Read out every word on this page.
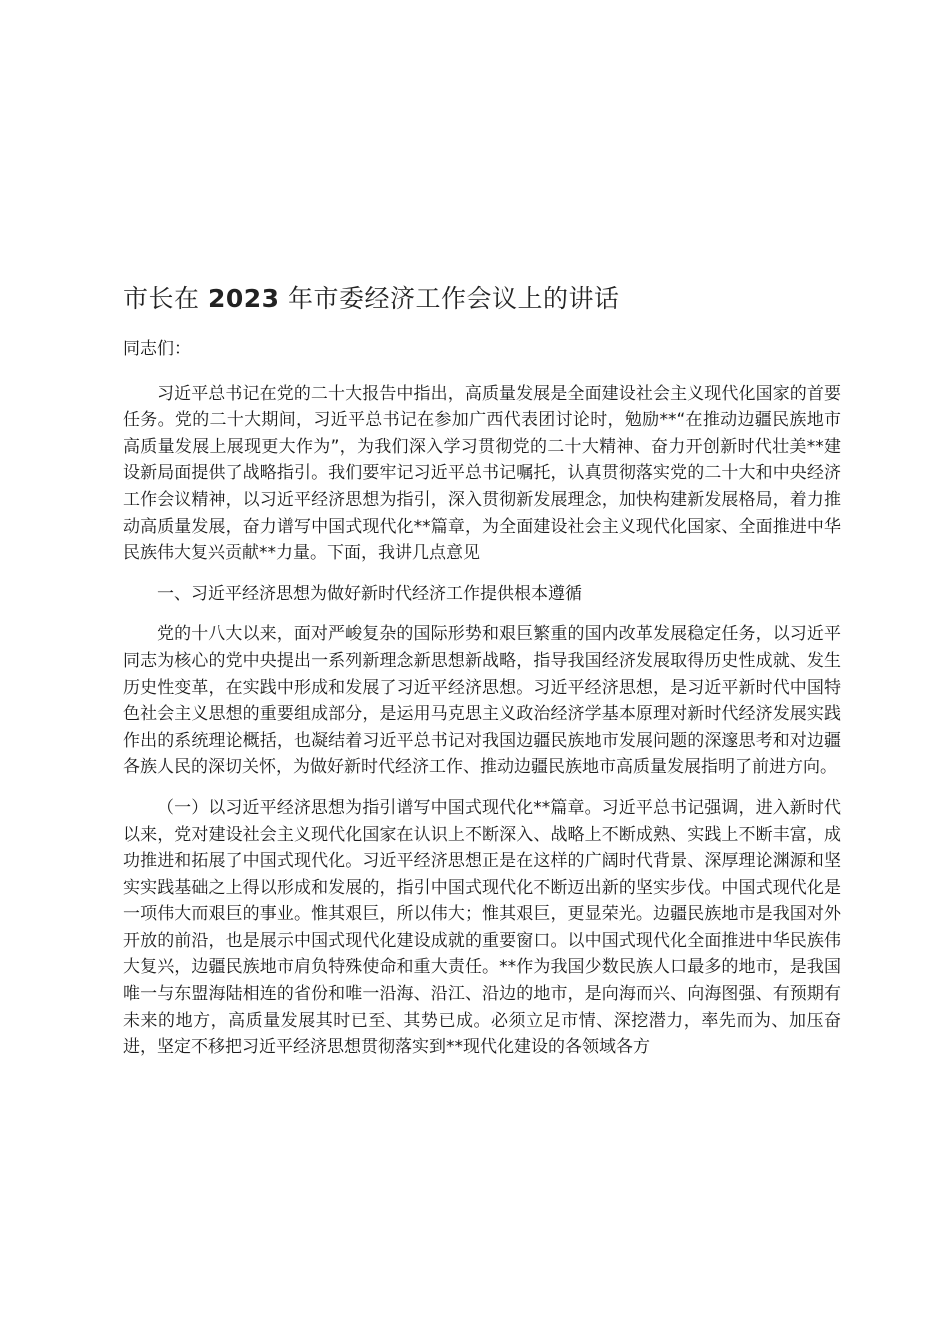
市长在 2023 年市委经济工作会议上的讲话

同志们：

习近平总书记在党的二十大报告中指出，高质量发展是全面建设社会主义现代化国家的首要任务。党的二十大期间，习近平总书记在参加广西代表团讨论时，勉励**“在推动边疆民族地市高质量发展上展现更大作为”，为我们深入学习贯彻党的二十大精神、奋力开创新时代壮美**建设新局面提供了战略指引。我们要牢记习近平总书记嘱托，认真贯彻落实党的二十大和中央经济工作会议精神，以习近平经济思想为指引，深入贯彻新发展理念，加快构建新发展格局，着力推动高质量发展，奋力谱写中国式现代化**篇章，为全面建设社会主义现代化国家、全面推进中华民族伟大复兴贡献**力量。下面，我讲几点意见

一、习近平经济思想为做好新时代经济工作提供根本遵循

党的十八大以来，面对严峻复杂的国际形势和艰巨繁重的国内改革发展稳定任务，以习近平同志为核心的党中央提出一系列新理念新思想新战略，指导我国经济发展取得历史性成就、发生历史性变革，在实践中形成和发展了习近平经济思想。习近平经济思想，是习近平新时代中国特色社会主义思想的重要组成部分，是运用马克思主义政治经济学基本原理对新时代经济发展实践作出的系统理论概括，也凝结着习近平总书记对我国边疆民族地市发展问题的深邃思考和对边疆各族人民的深切关怀，为做好新时代经济工作、推动边疆民族地市高质量发展指明了前进方向。

（一）以习近平经济思想为指引谱写中国式现代化**篇章。习近平总书记强调，进入新时代以来，党对建设社会主义现代化国家在认识上不断深入、战略上不断成熟、实践上不断丰富，成功推进和拓展了中国式现代化。习近平经济思想正是在这样的广阔时代背景、深厚理论渊源和坚实实践基础之上得以形成和发展的，指引中国式现代化不断迈出新的坚实步伐。中国式现代化是一项伟大而艰巨的事业。惟其艰巨，所以伟大；惟其艰巨，更显荣光。边疆民族地市是我国对外开放的前沿，也是展示中国式现代化建设成就的重要窗口。以中国式现代化全面推进中华民族伟大复兴，边疆民族地市肩负特殊使命和重大责任。**作为我国少数民族人口最多的地市，是我国唯一与东盟海陆相连的省份和唯一沿海、沿江、沿边的地市，是向海而兴、向海图强、有预期有未来的地方，高质量发展其时已至、其势已成。必须立足市情、深挖潜力，率先而为、加压奋进，坚定不移把习近平经济思想贯彻落实到**现代化建设的各领域各方
